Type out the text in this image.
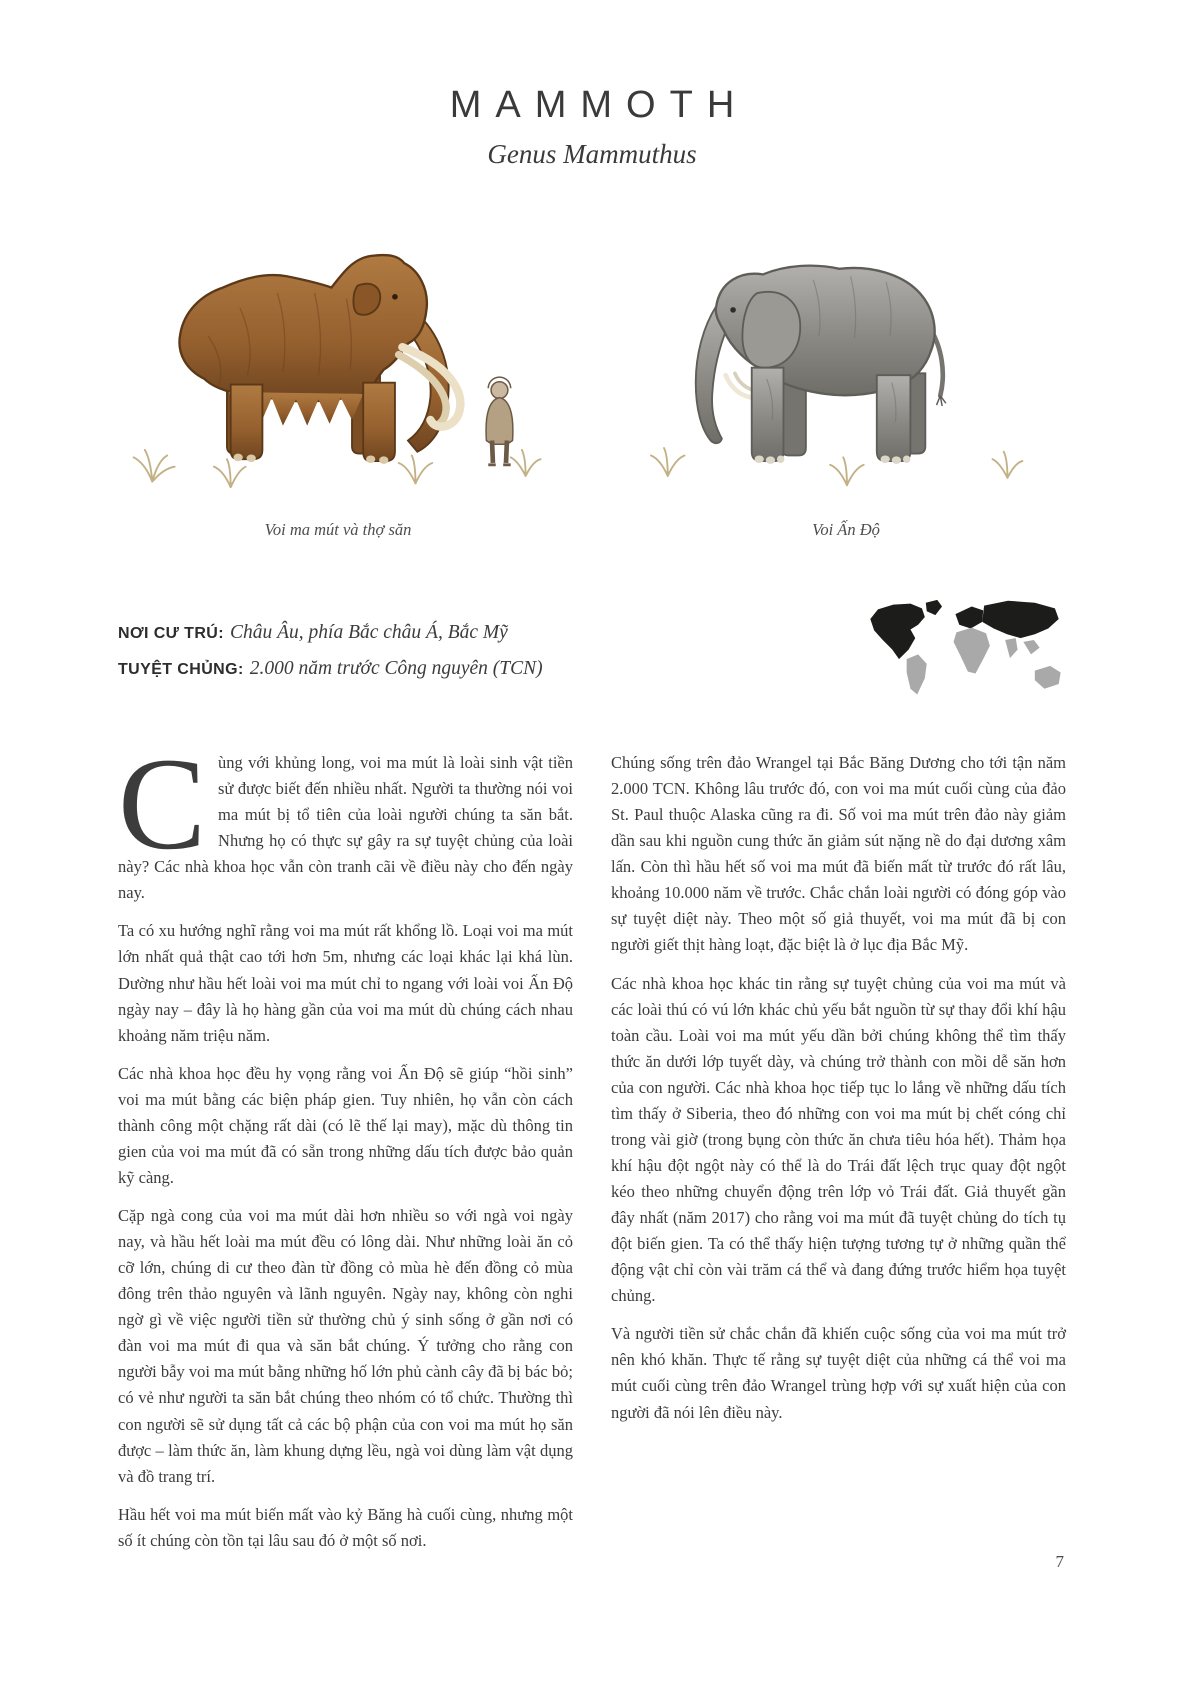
MAMMOTH
Genus Mammuthus
Voi ma mút và thợ săn	Voi Ấn Độ
NƠI CƯ TRÚ: Châu Âu, phía Bắc châu Á, Bắc Mỹ
TUYỆT CHỦNG: 2.000 năm trước Công nguyên (TCN)

Cùng với khủng long, voi ma mút là loài sinh vật tiền sử được biết đến nhiều nhất. Người ta thường nói voi ma mút bị tổ tiên của loài người chúng ta săn bắt. Nhưng họ có thực sự gây ra sự tuyệt chủng của loài này? Các nhà khoa học vẫn còn tranh cãi về điều này cho đến ngày nay.

Ta có xu hướng nghĩ rằng voi ma mút rất khổng lồ. Loại voi ma mút lớn nhất quả thật cao tới hơn 5m, nhưng các loại khác lại khá lùn. Dường như hầu hết loài voi ma mút chỉ to ngang với loài voi Ấn Độ ngày nay – đây là họ hàng gần của voi ma mút dù chúng cách nhau khoảng năm triệu năm.

Các nhà khoa học đều hy vọng rằng voi Ấn Độ sẽ giúp “hồi sinh” voi ma mút bằng các biện pháp gien. Tuy nhiên, họ vẫn còn cách thành công một chặng rất dài (có lẽ thế lại may), mặc dù thông tin gien của voi ma mút đã có sẵn trong những dấu tích được bảo quản kỹ càng.

Cặp ngà cong của voi ma mút dài hơn nhiều so với ngà voi ngày nay, và hầu hết loài ma mút đều có lông dài. Như những loài ăn cỏ cỡ lớn, chúng di cư theo đàn từ đồng cỏ mùa hè đến đồng cỏ mùa đông trên thảo nguyên và lãnh nguyên. Ngày nay, không còn nghi ngờ gì về việc người tiền sử thường chủ ý sinh sống ở gần nơi có đàn voi ma mút đi qua và săn bắt chúng. Ý tưởng cho rằng con người bẫy voi ma mút bằng những hố lớn phủ cành cây đã bị bác bỏ; có vẻ như người ta săn bắt chúng theo nhóm có tổ chức. Thường thì con người sẽ sử dụng tất cả các bộ phận của con voi ma mút họ săn được – làm thức ăn, làm khung dựng lều, ngà voi dùng làm vật dụng và đồ trang trí.

Hầu hết voi ma mút biến mất vào kỷ Băng hà cuối cùng, nhưng một số ít chúng còn tồn tại lâu sau đó ở một số nơi.

Chúng sống trên đảo Wrangel tại Bắc Băng Dương cho tới tận năm 2.000 TCN. Không lâu trước đó, con voi ma mút cuối cùng của đảo St. Paul thuộc Alaska cũng ra đi. Số voi ma mút trên đảo này giảm dần sau khi nguồn cung thức ăn giảm sút nặng nề do đại dương xâm lấn. Còn thì hầu hết số voi ma mút đã biến mất từ trước đó rất lâu, khoảng 10.000 năm về trước. Chắc chắn loài người có đóng góp vào sự tuyệt diệt này. Theo một số giả thuyết, voi ma mút đã bị con người giết thịt hàng loạt, đặc biệt là ở lục địa Bắc Mỹ.

Các nhà khoa học khác tin rằng sự tuyệt chủng của voi ma mút và các loài thú có vú lớn khác chủ yếu bắt nguồn từ sự thay đổi khí hậu toàn cầu. Loài voi ma mút yếu dần bởi chúng không thể tìm thấy thức ăn dưới lớp tuyết dày, và chúng trở thành con mồi dễ săn hơn của con người. Các nhà khoa học tiếp tục lo lắng về những dấu tích tìm thấy ở Siberia, theo đó những con voi ma mút bị chết cóng chỉ trong vài giờ (trong bụng còn thức ăn chưa tiêu hóa hết). Thảm họa khí hậu đột ngột này có thể là do Trái đất lệch trục quay đột ngột kéo theo những chuyển động trên lớp vỏ Trái đất. Giả thuyết gần đây nhất (năm 2017) cho rằng voi ma mút đã tuyệt chủng do tích tụ đột biến gien. Ta có thể thấy hiện tượng tương tự ở những quần thể động vật chỉ còn vài trăm cá thể và đang đứng trước hiểm họa tuyệt chủng.

Và người tiền sử chắc chắn đã khiến cuộc sống của voi ma mút trở nên khó khăn. Thực tế rằng sự tuyệt diệt của những cá thể voi ma mút cuối cùng trên đảo Wrangel trùng hợp với sự xuất hiện của con người đã nói lên điều này.

7
